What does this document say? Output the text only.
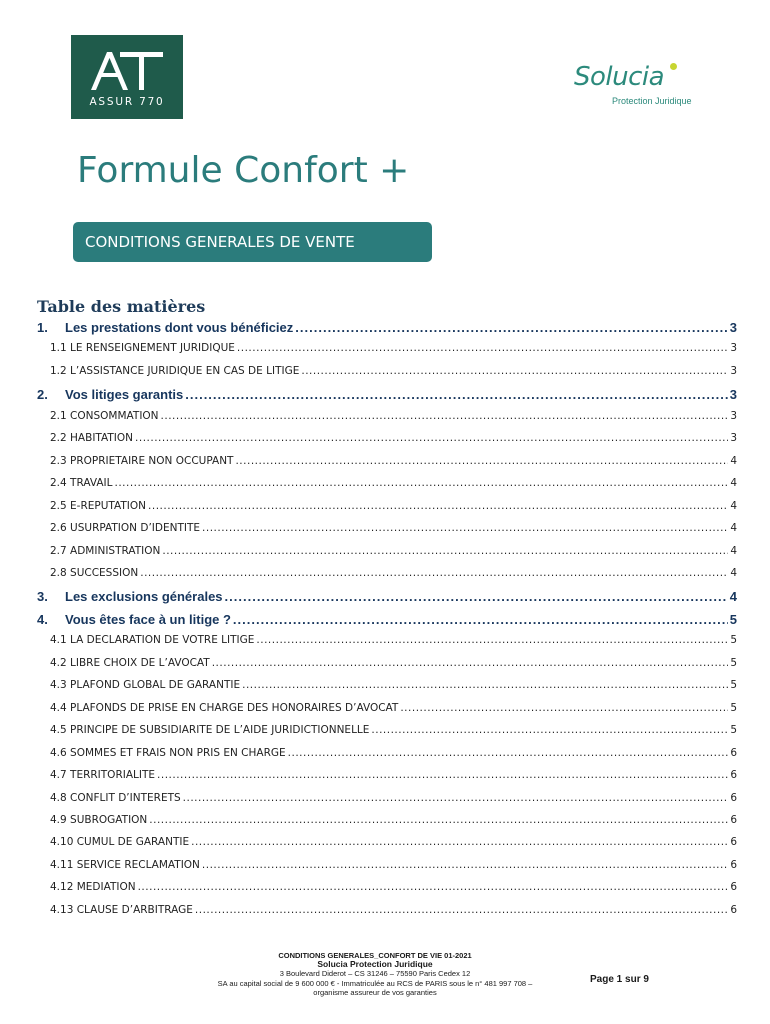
ASSUR 770
Solucia
Protection Juridique
Formule Confort +
CONDITIONS GENERALES DE VENTE
Table des matières
1.	Les prestations dont vous bénéficiez .....	3
1.1 LE RENSEIGNEMENT JURIDIQUE .....	3
1.2 L’ASSISTANCE JURIDIQUE EN CAS DE LITIGE .....	3
2.	Vos litiges garantis .....	3
2.1 CONSOMMATION .....	3
2.2 HABITATION .....	3
2.3 PROPRIETAIRE NON OCCUPANT .....	4
2.4 TRAVAIL .....	4
2.5 E-REPUTATION .....	4
2.6 USURPATION D’IDENTITE .....	4
2.7 ADMINISTRATION .....	4
2.8 SUCCESSION .....	4
3.	Les exclusions générales .....	4
4.	Vous êtes face à un litige ? .....	5
4.1 LA DECLARATION DE VOTRE LITIGE .....	5
4.2 LIBRE CHOIX DE L’AVOCAT .....	5
4.3 PLAFOND GLOBAL DE GARANTIE .....	5
4.4 PLAFONDS DE PRISE EN CHARGE DES HONORAIRES D’AVOCAT .....	5
4.5 PRINCIPE DE SUBSIDIARITE DE L’AIDE JURIDICTIONNELLE .....	5
4.6 SOMMES ET FRAIS NON PRIS EN CHARGE .....	6
4.7 TERRITORIALITE .....	6
4.8 CONFLIT D’INTERETS .....	6
4.9 SUBROGATION .....	6
4.10 CUMUL DE GARANTIE .....	6
4.11 SERVICE RECLAMATION .....	6
4.12 MEDIATION .....	6
4.13 CLAUSE D’ARBITRAGE .....	6
CONDITIONS GENERALES_CONFORT DE VIE 01-2021
Solucia Protection Juridique
3 Boulevard Diderot – CS 31246 – 75590 Paris Cedex 12
SA au capital social de 9 600 000 € - Immatriculée au RCS de PARIS sous le n° 481 997 708 –
organisme assureur de vos garanties
Page 1 sur 9
